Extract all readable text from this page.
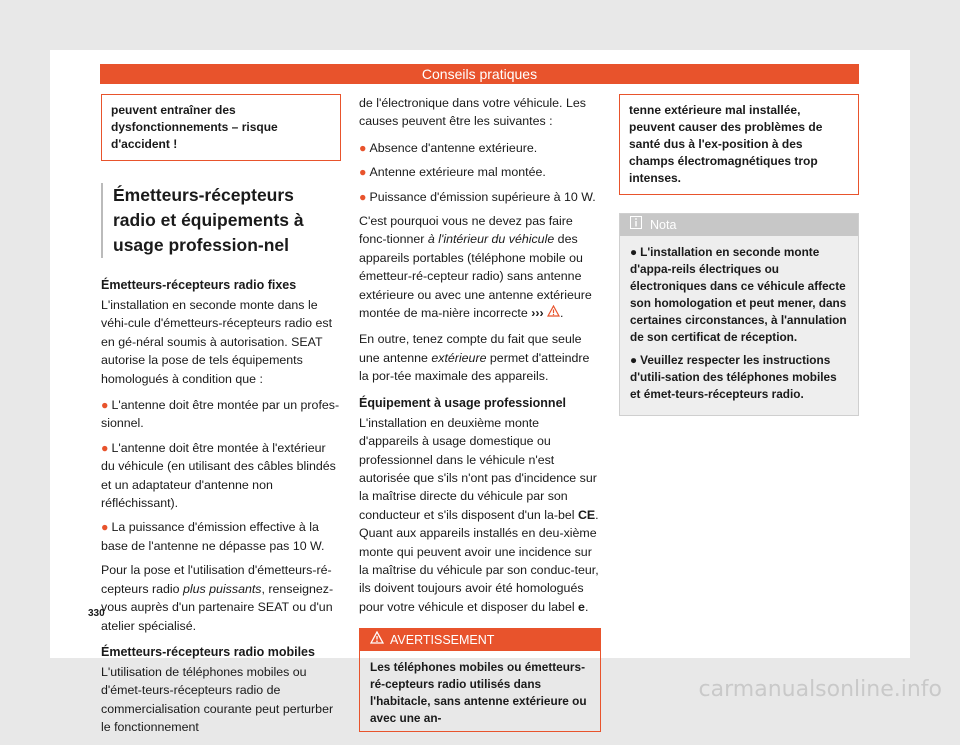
Conseils pratiques
peuvent entraîner des dysfonctionnements – risque d'accident !
Émetteurs-récepteurs radio et équipements à usage profession-nel
Émetteurs-récepteurs radio fixes

L'installation en seconde monte dans le véhi-cule d'émetteurs-récepteurs radio est en gé-néral soumis à autorisation. SEAT autorise la pose de tels équipements homologués à condition que :

● L'antenne doit être montée par un profes-sionnel.
● L'antenne doit être montée à l'extérieur du véhicule (en utilisant des câbles blindés et un adaptateur d'antenne non réfléchissant).
● La puissance d'émission effective à la base de l'antenne ne dépasse pas 10 W.

Pour la pose et l'utilisation d'émetteurs-ré-cepteurs radio plus puissants, renseignez-vous auprès d'un partenaire SEAT ou d'un atelier spécialisé.

Émetteurs-récepteurs radio mobiles

L'utilisation de téléphones mobiles ou d'émet-teurs-récepteurs radio de commercialisation courante peut perturber le fonctionnement

de l'électronique dans votre véhicule. Les causes peuvent être les suivantes :

● Absence d'antenne extérieure.
● Antenne extérieure mal montée.
● Puissance d'émission supérieure à 10 W.

C'est pourquoi vous ne devez pas faire fonc-tionner à l'intérieur du véhicule des appareils portables (téléphone mobile ou émetteur-ré-cepteur radio) sans antenne extérieure ou avec une antenne extérieure montée de ma-nière incorrecte ››› .

En outre, tenez compte du fait que seule une antenne extérieure permet d'atteindre la por-tée maximale des appareils.

Équipement à usage professionnel

L'installation en deuxième monte d'appareils à usage domestique ou professionnel dans le véhicule n'est autorisée que s'ils n'ont pas d'incidence sur la maîtrise directe du véhicule par son conducteur et s'ils disposent d'un la-bel CE. Quant aux appareils installés en deu-xième monte qui peuvent avoir une incidence sur la maîtrise du véhicule par son conduc-teur, ils doivent toujours avoir été homologués pour votre véhicule et disposer du label e.

AVERTISSEMENT
Les téléphones mobiles ou émetteurs-ré-cepteurs radio utilisés dans l'habitacle, sans antenne extérieure ou avec une an-
tenne extérieure mal installée, peuvent causer des problèmes de santé dus à l'ex-position à des champs électromagnétiques trop intenses.
Nota
● L'installation en seconde monte d'appa-reils électriques ou électroniques dans ce véhicule affecte son homologation et peut mener, dans certaines circonstances, à l'annulation de son certificat de réception.
● Veuillez respecter les instructions d'utili-sation des téléphones mobiles et émet-teurs-récepteurs radio.
330
carmanualsonline.info
